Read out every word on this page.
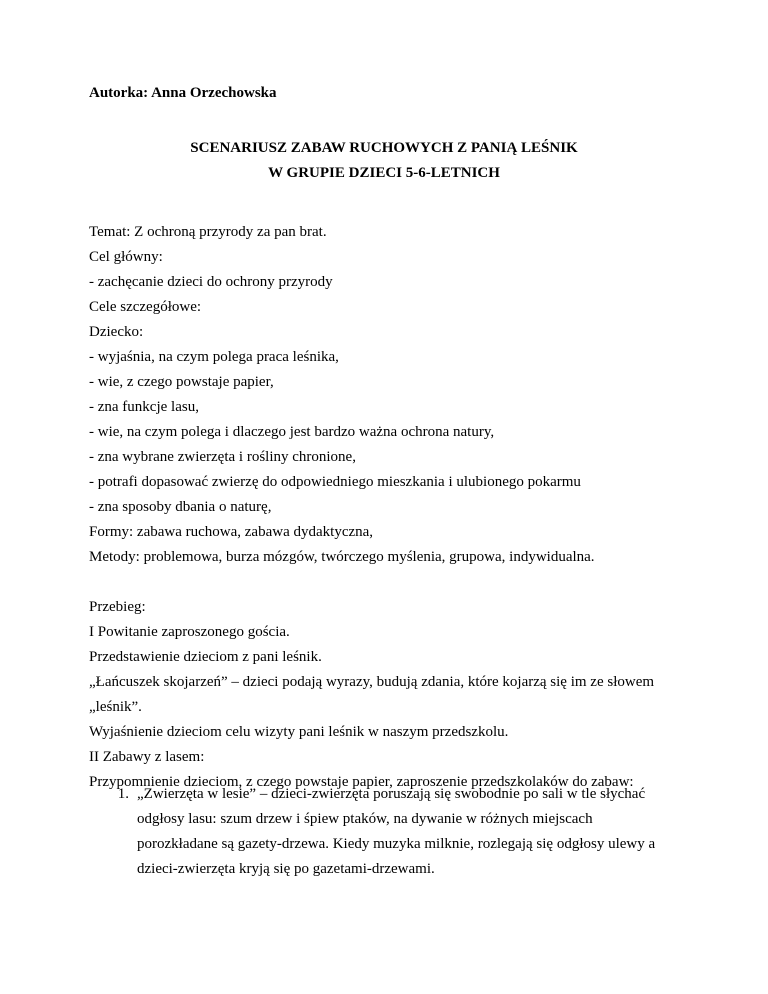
Autorka: Anna Orzechowska
SCENARIUSZ ZABAW RUCHOWYCH Z PANIĄ LEŚNIK
W GRUPIE DZIECI 5-6-LETNICH
Temat: Z ochroną przyrody za pan brat.
Cel główny:
- zachęcanie dzieci do ochrony przyrody
Cele szczegółowe:
Dziecko:
- wyjaśnia, na czym polega praca leśnika,
- wie, z czego powstaje papier,
- zna funkcje lasu,
- wie, na czym polega i dlaczego jest bardzo ważna ochrona natury,
- zna wybrane zwierzęta i rośliny chronione,
- potrafi dopasować zwierzę do odpowiedniego mieszkania i ulubionego pokarmu
- zna sposoby dbania o naturę,
Formy: zabawa ruchowa, zabawa dydaktyczna,
Metody: problemowa, burza mózgów, twórczego myślenia, grupowa, indywidualna.
Przebieg:
I Powitanie zaproszonego gościa.
Przedstawienie dzieciom z pani leśnik.
„Łańcuszek skojarzeń” – dzieci podają wyrazy, budują zdania, które kojarzą się im ze słowem
„leśnik”.
Wyjaśnienie dzieciom celu wizyty pani leśnik w naszym przedszkolu.
II Zabawy z lasem:
Przypomnienie dzieciom, z czego powstaje papier, zaproszenie przedszkolaków do zabaw:
1. „Zwierzęta w lesie” – dzieci-zwierzęta poruszają się swobodnie po sali w tle słychać
odgłosy lasu: szum drzew i śpiew ptaków, na dywanie w różnych miejscach
porozkładane są gazety-drzewa. Kiedy muzyka milknie, rozlegają się odgłosy ulewy a
dzieci-zwierzęta kryją się po gazetami-drzewami.
